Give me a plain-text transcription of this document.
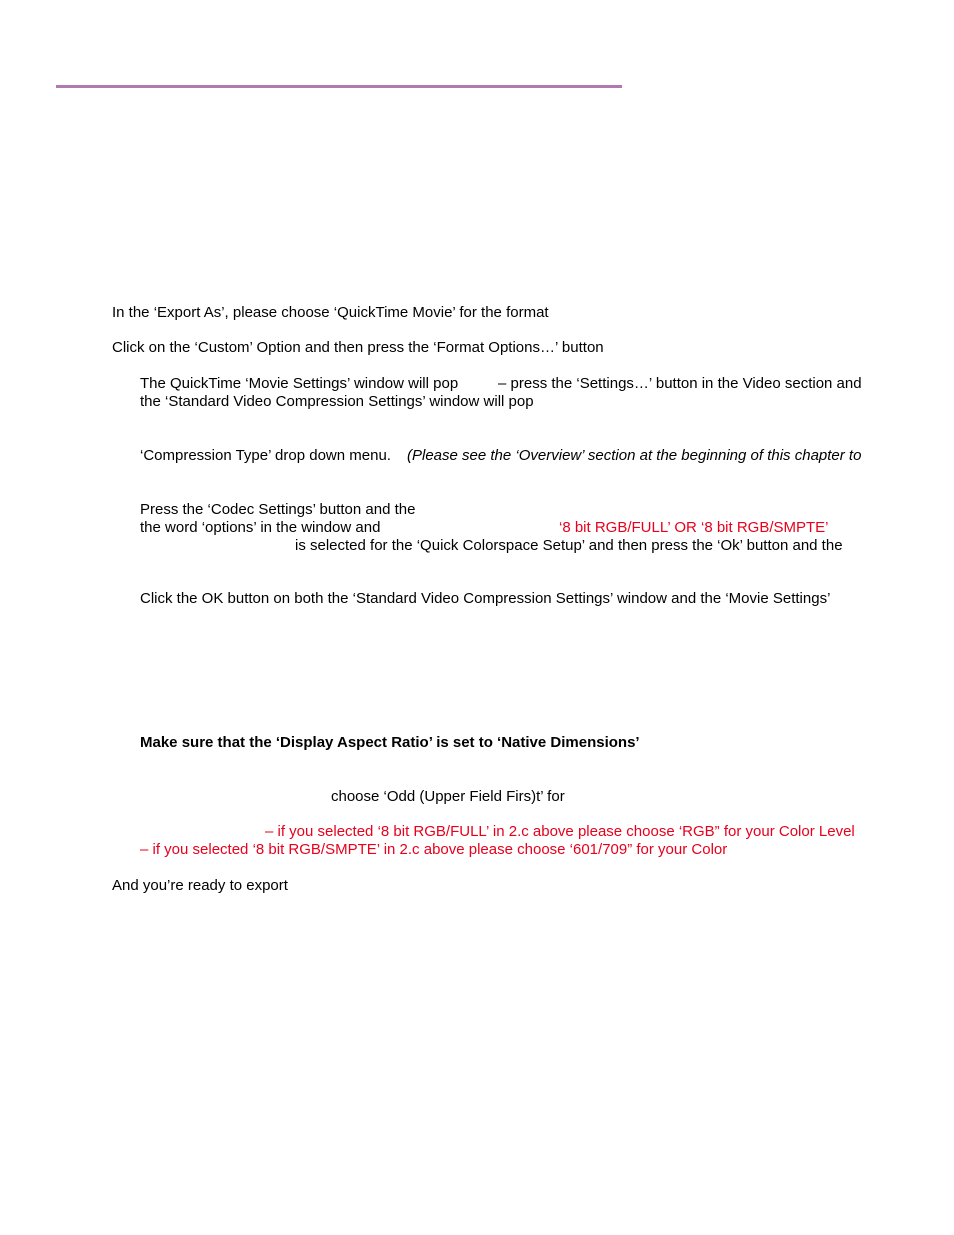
In the ‘Export As’, please choose ‘QuickTime Movie’ for the format
Click on the ‘Custom’ Option and then press the ‘Format Options…’ button
The QuickTime ‘Movie Settings’ window will pop	– press the ‘Settings…’ button in the Video section and
the ‘Standard Video Compression Settings’ window will pop
‘Compression Type’ drop down menu. (Please see the ‘Overview’ section at the beginning of this chapter to
Press the ‘Codec Settings’ button and the
the word ‘options’ in the window and	‘8 bit RGB/FULL’ OR ‘8 bit RGB/SMPTE’
is selected for the ‘Quick Colorspace Setup’ and then press the ‘Ok’ button and the
Click the OK button on both the ‘Standard Video Compression Settings’ window and the ‘Movie Settings’
Make sure that the ‘Display Aspect Ratio’ is set to ‘Native Dimensions’
choose ‘Odd (Upper Field Firs)t’ for
– if you selected ‘8 bit RGB/FULL’ in 2.c above please choose ‘RGB” for your Color Level
– if you selected ‘8 bit RGB/SMPTE’ in 2.c above please choose ‘601/709” for your Color
And you’re ready to export
